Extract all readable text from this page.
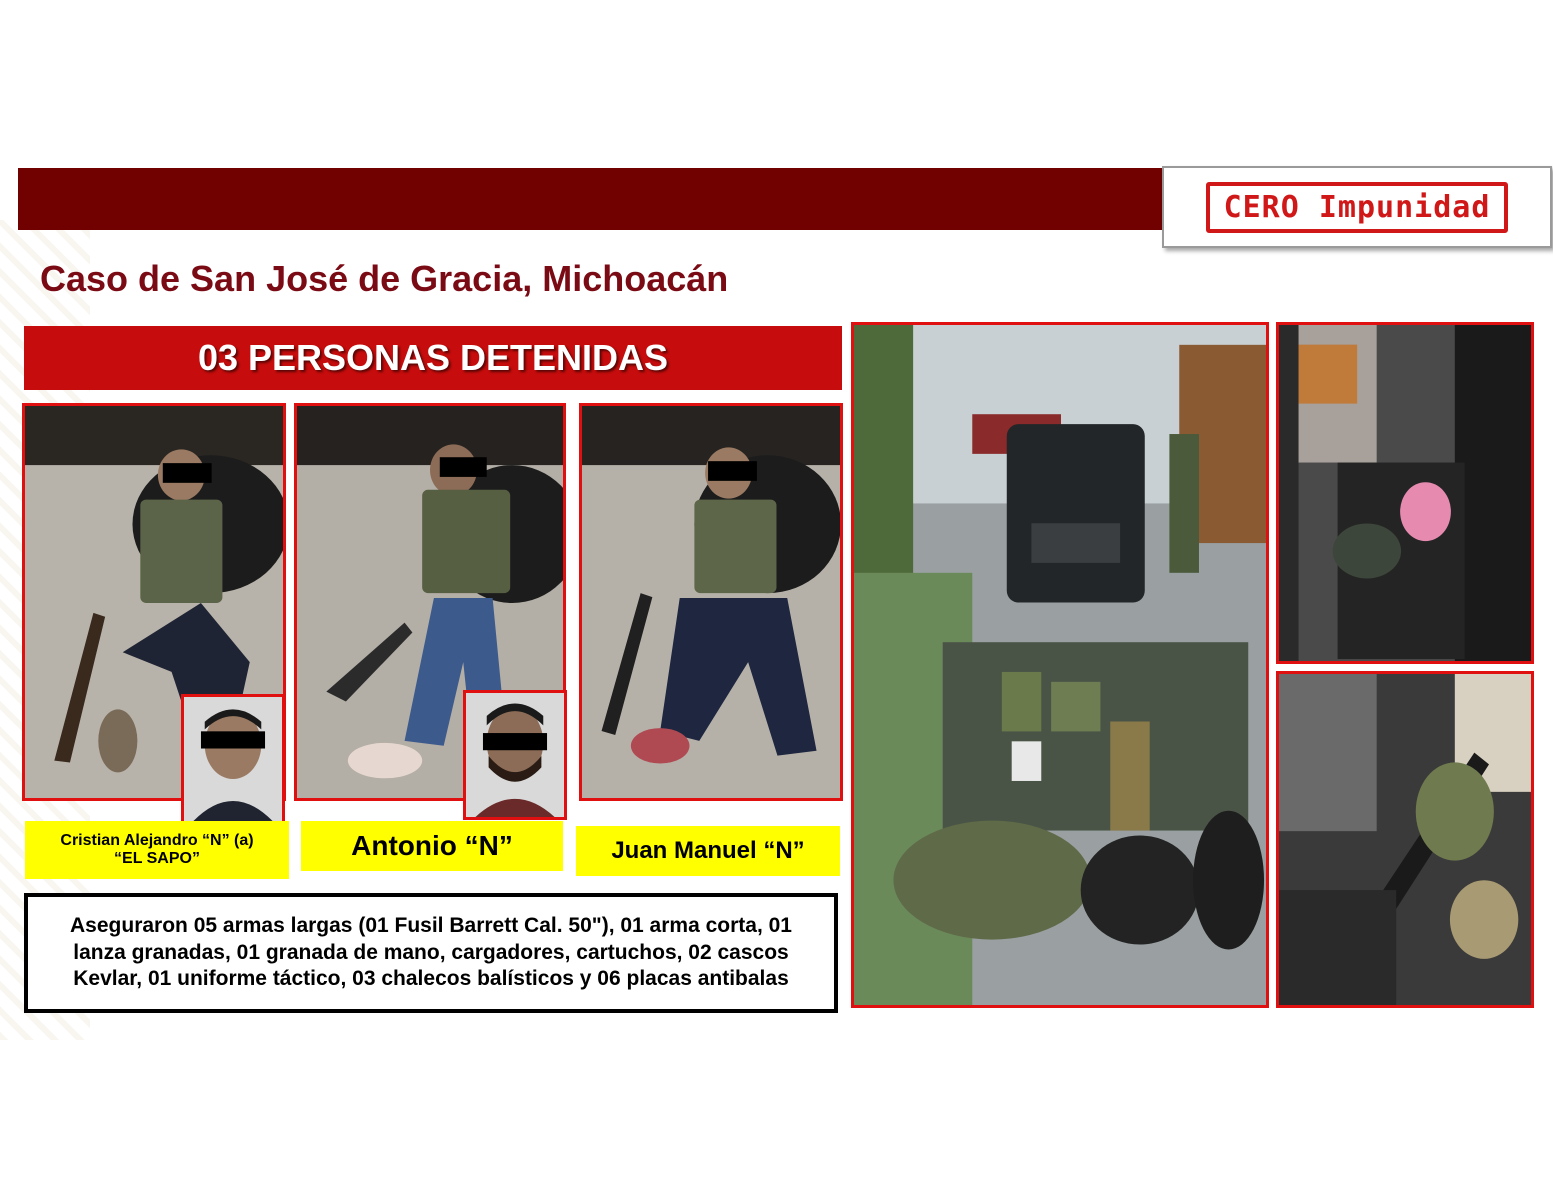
CERO Impunidad
Caso de San José de Gracia, Michoacán
03 PERSONAS DETENIDAS
Cristian Alejandro “N” (a)
“EL SAPO”	Antonio “N”	Juan Manuel “N”
Aseguraron 05 armas largas (01 Fusil Barrett Cal. 50"), 01 arma corta, 01 lanza granadas, 01 granada de mano, cargadores, cartuchos, 02 cascos Kevlar, 01 uniforme táctico, 03 chalecos balísticos y 06 placas antibalas
